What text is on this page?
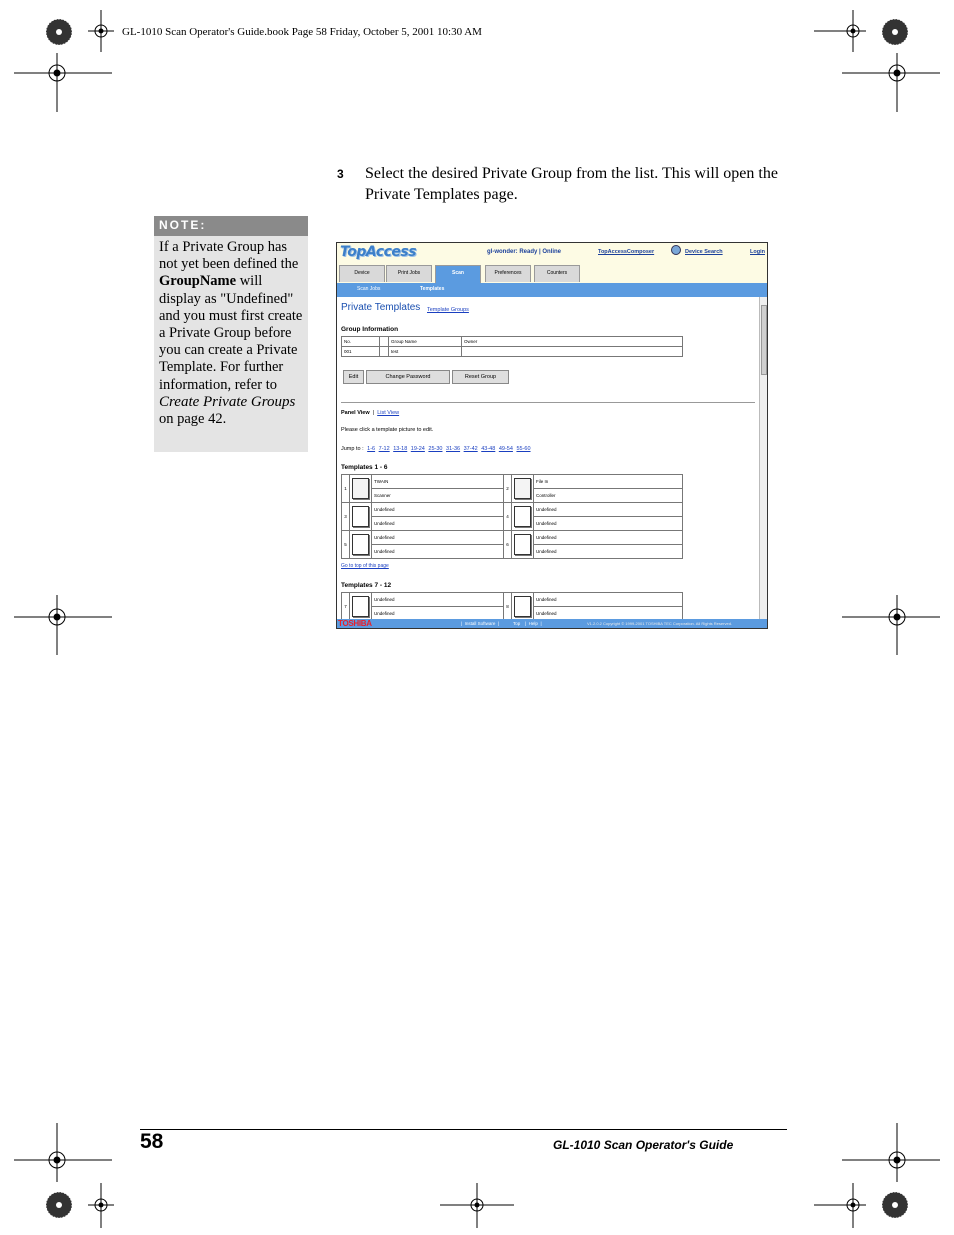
GL-1010 Scan Operator's Guide.book Page 58 Friday, October 5, 2001 10:30 AM
3 Select the desired Private Group from the list. This will open the Private Templates page.
NOTE:
If a Private Group has not yet been defined the GroupName will display as "Undefined" and you must first create a Private Group before you can create a Private Template. For further information, refer to Create Private Groups on page 42.
TopAccess	gl-wonder: Ready | Online	TopAccessComposer	Device Search	Login
Device	Print Jobs	Scan	Preferences	Counters
Scan Jobs	Templates
Private Templates Template Groups
Group Information
No.		Group Name	Owner
001		test	
Edit	Change Password	Reset Group
Panel View  |  List View
Please click a template picture to edit.
Jump to : 1-6 7-12 13-18 19-24 25-30 31-36 37-42 43-48 49-54 55-60
Templates 1 - 6
1		TWAIN	2		File In
		Scanner			Controller
3		Undefined	4		Undefined
		Undefined			Undefined
5		Undefined	6		Undefined
		Undefined			Undefined
Go to top of this page
Templates 7 - 12
7		Undefined	8		Undefined
		Undefined			Undefined
TOSHIBA	|  Install Software  |	Top |  Help  |	V1.2.0.2 Copyright © 1999-2001 TOSHIBA TEC Corporation. All Rights Reserved.
58	GL-1010 Scan Operator's Guide
